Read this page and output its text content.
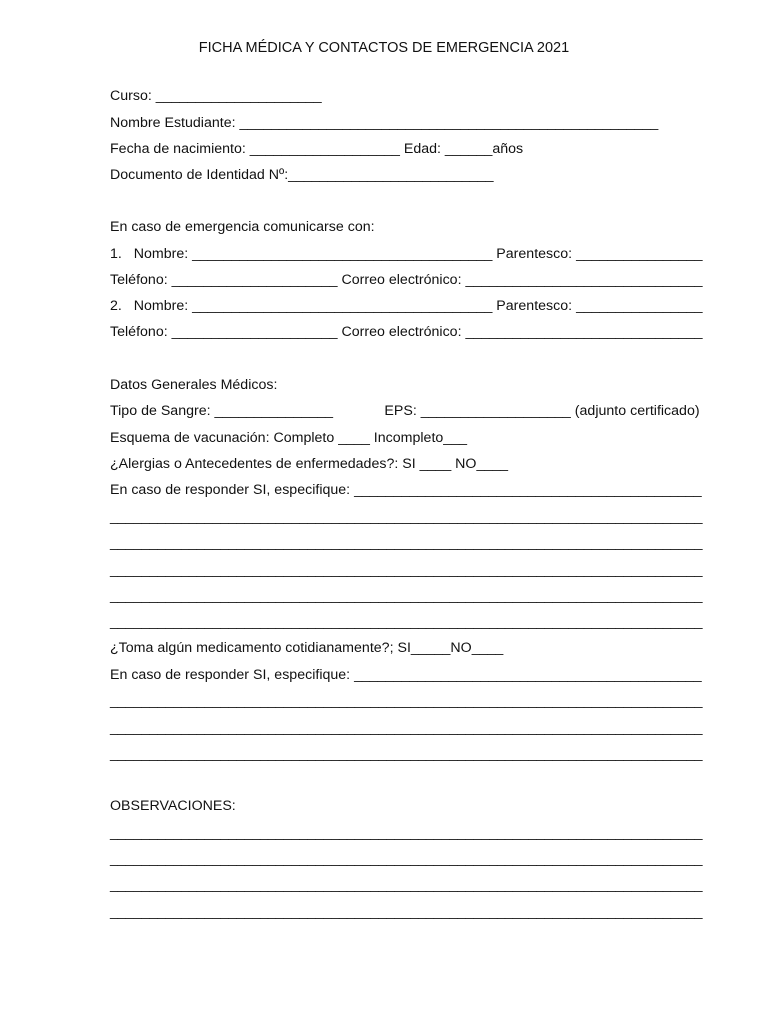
FICHA MÉDICA Y CONTACTOS DE EMERGENCIA 2021
Curso: _____________________
Nombre Estudiante: _____________________________________________________
Fecha de nacimiento: ___________________ Edad: ______años
Documento de Identidad Nº:__________________________
En caso de emergencia comunicarse con:
1.   Nombre: ______________________________________ Parentesco: ________________
Teléfono: _____________________ Correo electrónico: ______________________________
2.   Nombre: ______________________________________ Parentesco: ________________
Teléfono: _____________________ Correo electrónico: ______________________________
Datos Generales Médicos:
Tipo de Sangre: _______________             EPS: ___________________ (adjunto certificado)
Esquema de vacunación: Completo ____ Incompleto___
¿Alergias o Antecedentes de enfermedades?: SI ____ NO____
En caso de responder SI, especifique: ____________________________________________
___________________________________________________________________________
___________________________________________________________________________
___________________________________________________________________________
___________________________________________________________________________
___________________________________________________________________________
¿Toma algún medicamento cotidianamente?; SI_____NO____
En caso de responder SI, especifique: ____________________________________________
___________________________________________________________________________
___________________________________________________________________________
___________________________________________________________________________
OBSERVACIONES:
___________________________________________________________________________
___________________________________________________________________________
___________________________________________________________________________
___________________________________________________________________________
